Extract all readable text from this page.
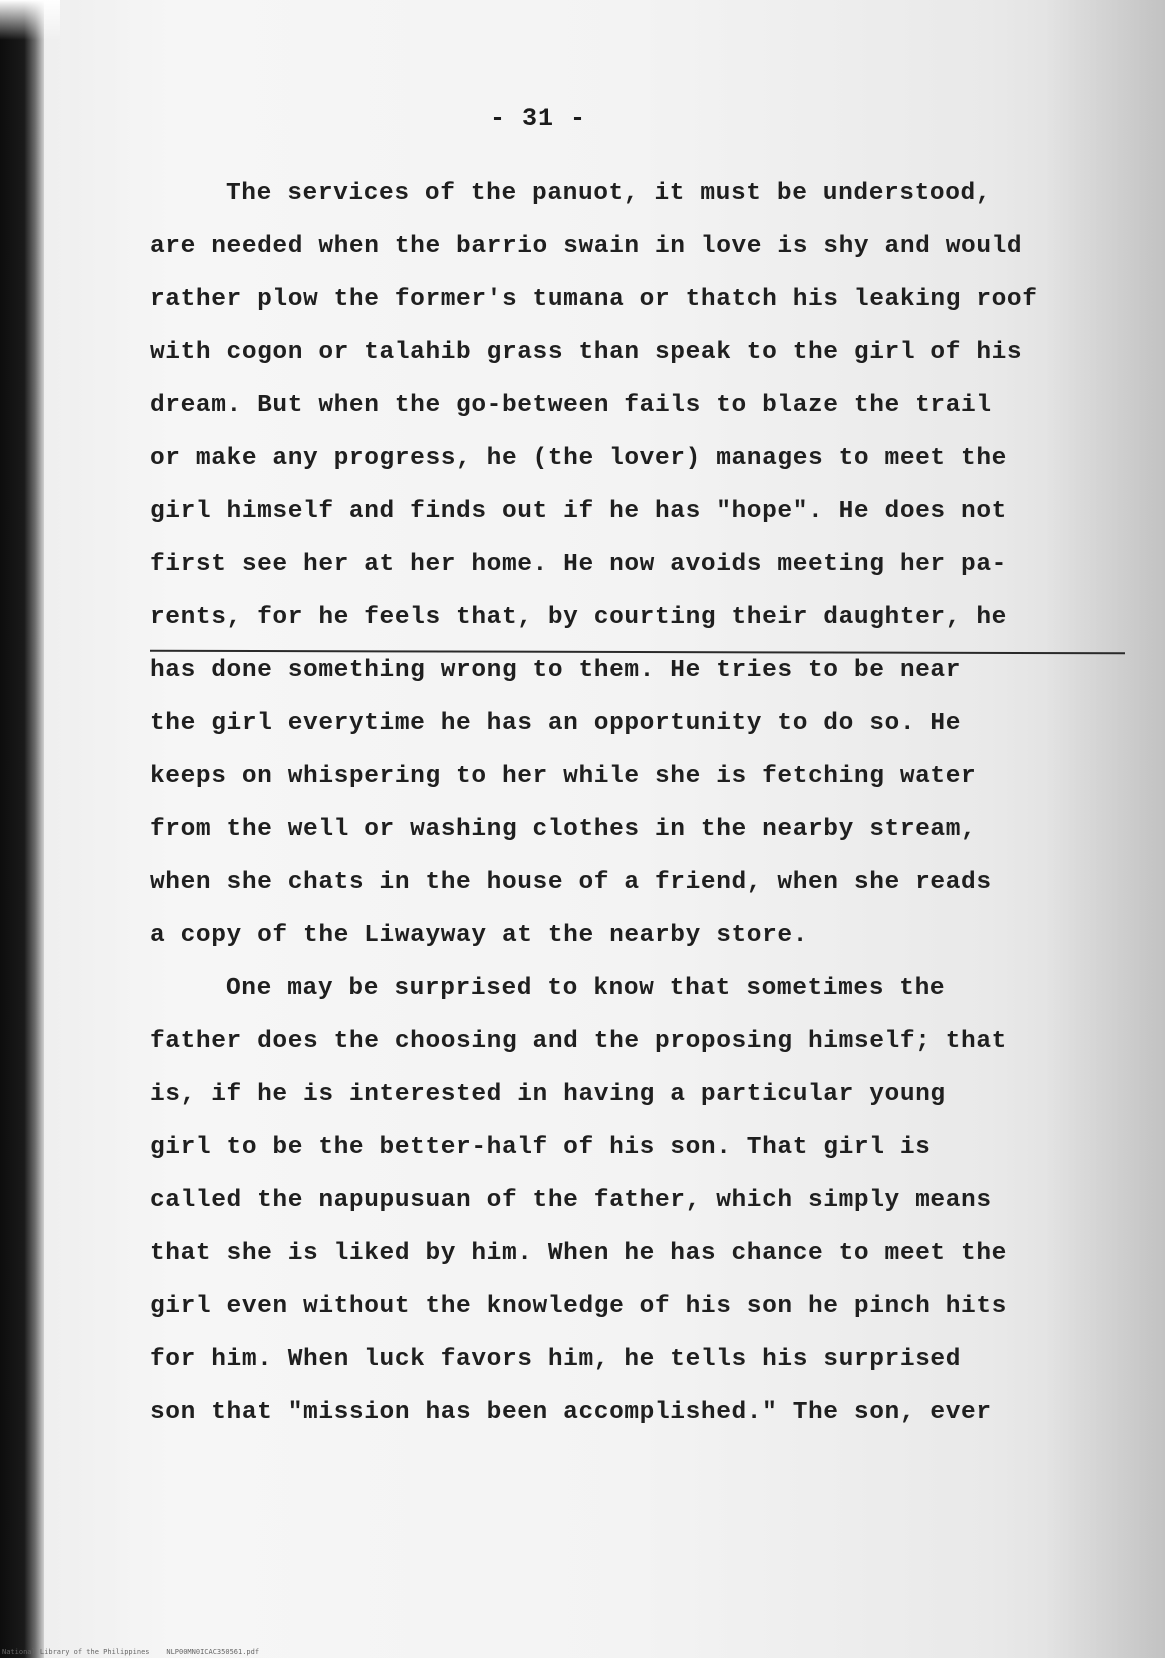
- 31 -
The services of the panuot, it must be understood,
are needed when the barrio swain in love is shy and would
rather plow the former's tumana or thatch his leaking roof
with cogon or talahib grass than speak to the girl of his
dream. But when the go-between fails to blaze the trail
or make any progress, he (the lover) manages to meet the
girl himself and finds out if he has "hope". He does not
first see her at her home. He now avoids meeting her pa-
rents, for he feels that, by courting their daughter, he
has done something wrong to them. He tries to be near
the girl everytime he has an opportunity to do so. He
keeps on whispering to her while she is fetching water
from the well or washing clothes in the nearby stream,
when she chats in the house of a friend, when she reads
a copy of the Liwayway at the nearby store.
One may be surprised to know that sometimes the
father does the choosing and the proposing himself; that
is, if he is interested in having a particular young
girl to be the better-half of his son. That girl is
called the napupusuan of the father, which simply means
that she is liked by him. When he has chance to meet the
girl even without the knowledge of his son he pinch hits
for him. When luck favors him, he tells his surprised
son that "mission has been accomplished." The son, ever
National Library of the Philippines    NLP00MN0ICAC350561.pdf
